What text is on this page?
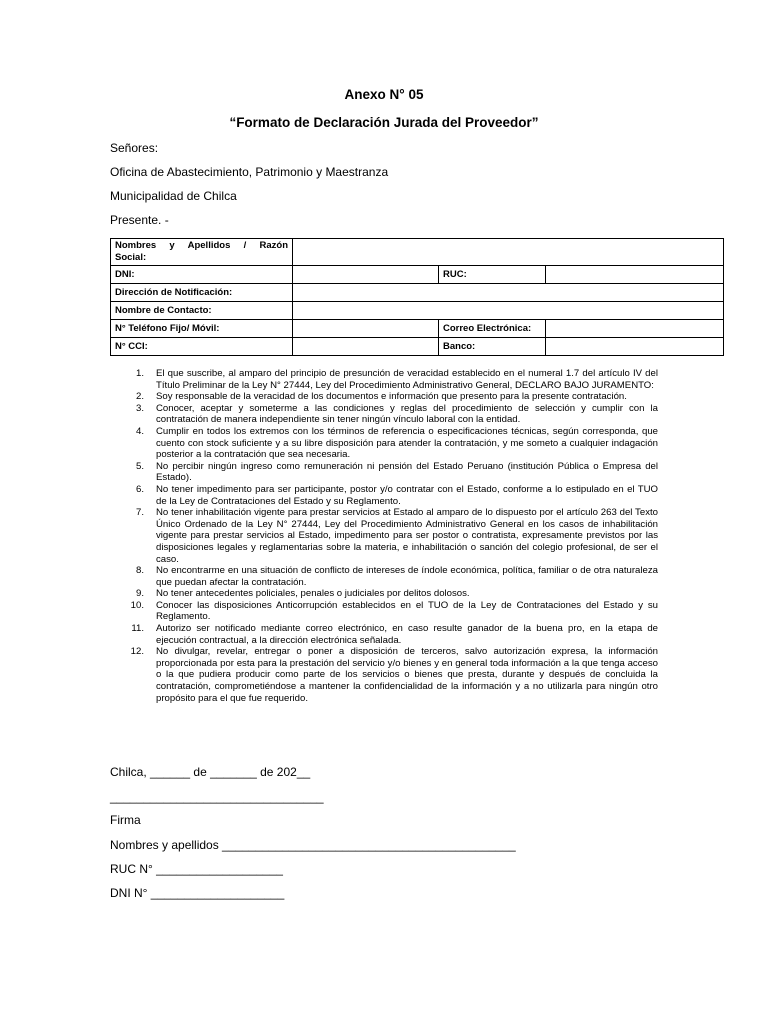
Anexo N° 05
“Formato de Declaración Jurada del Proveedor”
Señores:
Oficina de Abastecimiento, Patrimonio y Maestranza
Municipalidad de Chilca
Presente. -
Nombres y Apellidos / Razón
Social:			

DNI:		RUC:	
Dirección de Notificación:			
Nombre de Contacto:			
N° Teléfono Fijo/ Móvil:		Correo Electrónica:	
N° CCI:		Banco:	
1. El que suscribe, al amparo del principio de presunción de veracidad establecido en el numeral 1.7 del artículo IV del Título Preliminar de la Ley N° 27444, Ley del Procedimiento Administrativo General, DECLARO BAJO JURAMENTO:
2. Soy responsable de la veracidad de los documentos e información que presento para la presente contratación.
3. Conocer, aceptar y someterme a las condiciones y reglas del procedimiento de selección y cumplir con la contratación de manera independiente sin tener ningún vínculo laboral con la entidad.
4. Cumplir en todos los extremos con los términos de referencia o especificaciones técnicas, según corresponda, que cuento con stock suficiente y a su libre disposición para atender la contratación, y me someto a cualquier indagación posterior a la contratación que sea necesaria.
5. No percibir ningún ingreso como remuneración ni pensión del Estado Peruano (institución Pública o Empresa del Estado).
6. No tener impedimento para ser participante, postor y/o contratar con el Estado, conforme a lo estipulado en el TUO de la Ley de Contrataciones del Estado y su Reglamento.
7. No tener inhabilitación vigente para prestar servicios at Estado al amparo de lo dispuesto por el artículo 263 del Texto Único Ordenado de la Ley N° 27444, Ley del Procedimiento Administrativo General en los casos de inhabilitación vigente para prestar servicios al Estado, impedimento para ser postor o contratista, expresamente previstos por las disposiciones legales y reglamentarias sobre la materia, e inhabilitación o sanción del colegio profesional, de ser el caso.
8. No encontrarme en una situación de conflicto de intereses de índole económica, política, familiar o de otra naturaleza que puedan afectar la contratación.
9. No tener antecedentes policiales, penales o judiciales por delitos dolosos.
10. Conocer las disposiciones Anticorrupción establecidos en el TUO de la Ley de Contrataciones del Estado y su Reglamento.
11. Autorizo ser notificado mediante correo electrónico, en caso resulte ganador de la buena pro, en la etapa de ejecución contractual, a la dirección electrónica señalada.
12. No divulgar, revelar, entregar o poner a disposición de terceros, salvo autorización expresa, la información proporcionada por esta para la prestación del servicio y/o bienes y en general toda información a la que tenga acceso o la que pudiera producir como parte de los servicios o bienes que presta, durante y después de concluida la contratación, comprometiéndose a mantener la confidencialidad de la información y a no utilizarla para ningún otro propósito para el que fue requerido.
Chilca, ______ de _______ de 202__
________________________________
Firma
Nombres y apellidos ____________________________________________
RUC N° ___________________
DNI N° ____________________
